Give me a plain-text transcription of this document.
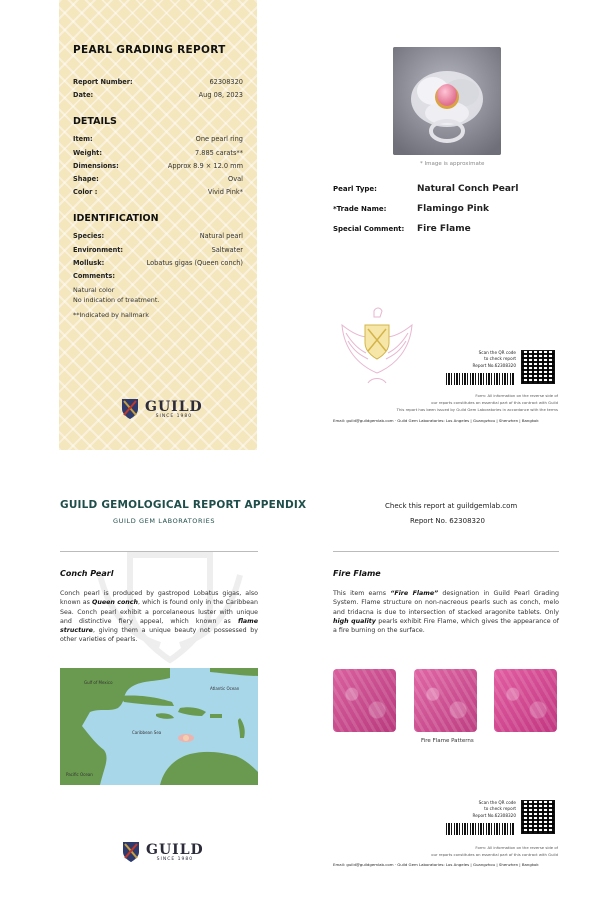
PEARL GRADING REPORT
Report Number:	62308320
Date:	Aug 08, 2023
DETAILS
Item:	One pearl ring
Weight:	7.885 carats**
Dimensions:	Approx 8.9 × 12.0 mm
Shape:	Oval
Color :	Vivid Pink*
IDENTIFICATION
Species:	Natural pearl
Environment:	Saltwater
Mollusk:	Lobatus gigas (Queen conch)
Comments:
Natural color
No indication of treatment.
**Indicated by hallmark
GUILD
SINCE 1980
* Image is approximate
Pearl Type:	Natural Conch Pearl
*Trade Name:	Flamingo Pink
Special Comment:	Fire Flame
Scan the QR code
to check report
Report No.62308320
Form: All information on the reverse side of
our reports constitutes an essential part of this contract with Guild
This report has been issued by Guild Gem Laboratories in accordance with the terms
Email: guild@guildgemlab.com · Guild Gem Laboratories: Los Angeles | Guangzhou | Shenzhen | Bangkok
GUILD GEMOLOGICAL REPORT APPENDIX
GUILD GEM LABORATORIES
Check this report at guildgemlab.com
Report No. 62308320
Conch Pearl
Conch pearl is produced by gastropod Lobatus gigas, also known as Queen conch, which is found only in the Caribbean Sea. Conch pearl exhibit a porcelaneous luster with unique and distinctive fiery appeal, which known as flame structure, giving them a unique beauty not possessed by other varieties of pearls.
Fire Flame
This item earns “Fire Flame” designation in Guild Pearl Grading System. Flame structure on non-nacreous pearls such as conch, melo and tridacna is due to intersection of stacked aragonite tablets. Only high quality pearls exhibit Fire Flame, which gives the appearance of a fire burning on the surface.
Gulf of Mexico
Atlantic Ocean
Caribbean Sea
Pacific Ocean
Fire Flame Patterns
GUILD
SINCE 1980
Scan the QR code
to check report
Report No.62308320
Form: All information on the reverse side of
our reports constitutes an essential part of this contract with Guild
Email: guild@guildgemlab.com · Guild Gem Laboratories: Los Angeles | Guangzhou | Shenzhen | Bangkok
